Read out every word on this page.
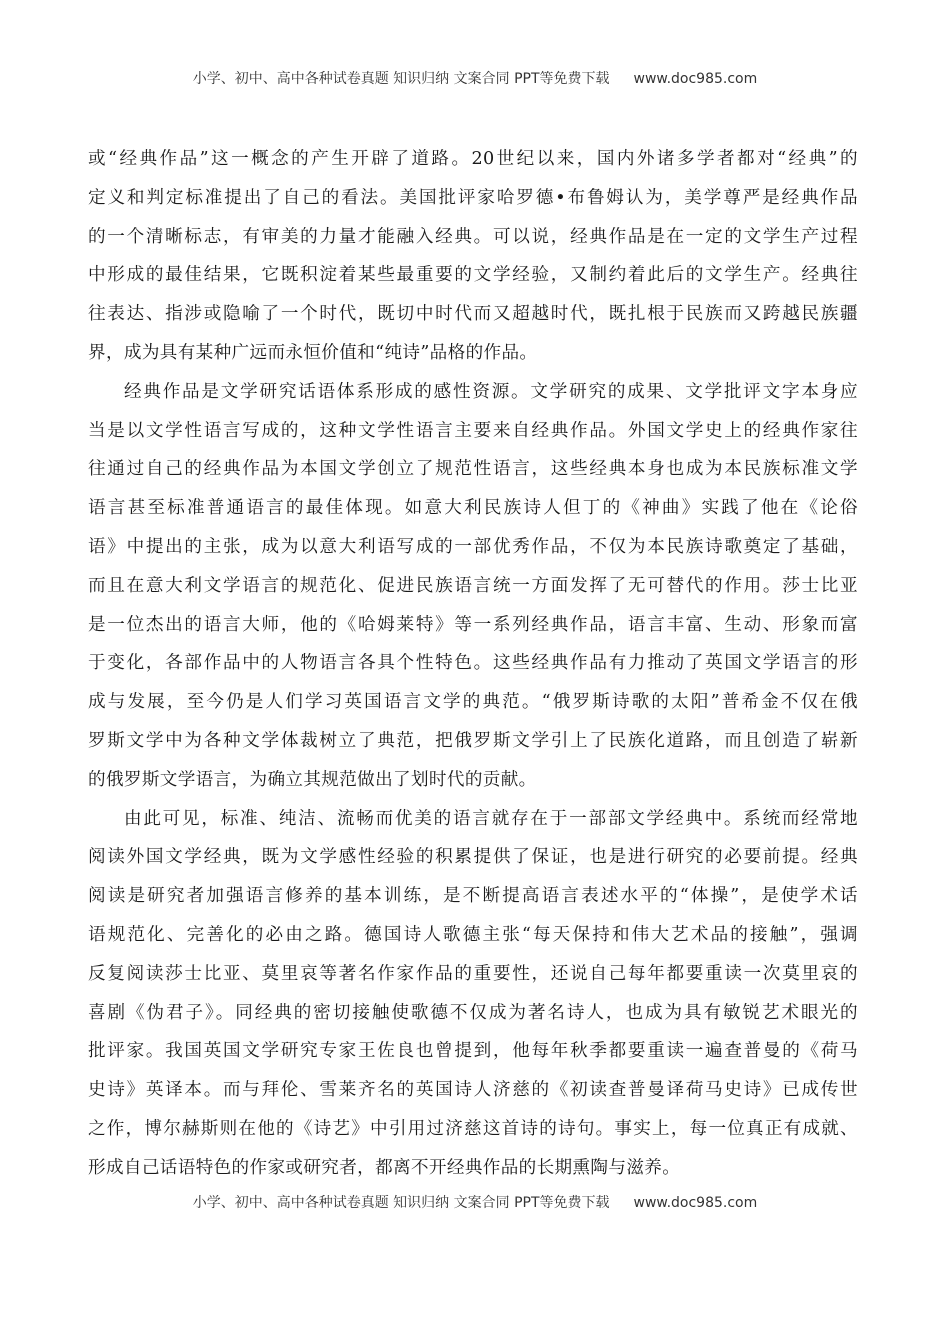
小学、初中、高中各种试卷真题 知识归纳 文案合同 PPT等免费下载 www.doc985.com
或“经典作品”这一概念的产生开辟了道路。20世纪以来，国内外诸多学者都对“经典”的
定义和判定标准提出了自己的看法。美国批评家哈罗德•布鲁姆认为，美学尊严是经典作品
的一个清晰标志，有审美的力量才能融入经典。可以说，经典作品是在一定的文学生产过程
中形成的最佳结果，它既积淀着某些最重要的文学经验，又制约着此后的文学生产。经典往
往表达、指涉或隐喻了一个时代，既切中时代而又超越时代，既扎根于民族而又跨越民族疆
界，成为具有某种广远而永恒价值和“纯诗”品格的作品。
经典作品是文学研究话语体系形成的感性资源。文学研究的成果、文学批评文字本身应
当是以文学性语言写成的，这种文学性语言主要来自经典作品。外国文学史上的经典作家往
往通过自己的经典作品为本国文学创立了规范性语言，这些经典本身也成为本民族标准文学
语言甚至标准普通语言的最佳体现。如意大利民族诗人但丁的《神曲》实践了他在《论俗
语》中提出的主张，成为以意大利语写成的一部优秀作品，不仅为本民族诗歌奠定了基础，
而且在意大利文学语言的规范化、促进民族语言统一方面发挥了无可替代的作用。莎士比亚
是一位杰出的语言大师，他的《哈姆莱特》等一系列经典作品，语言丰富、生动、形象而富
于变化，各部作品中的人物语言各具个性特色。这些经典作品有力推动了英国文学语言的形
成与发展，至今仍是人们学习英国语言文学的典范。“俄罗斯诗歌的太阳”普希金不仅在俄
罗斯文学中为各种文学体裁树立了典范，把俄罗斯文学引上了民族化道路，而且创造了崭新
的俄罗斯文学语言，为确立其规范做出了划时代的贡献。
由此可见，标准、纯洁、流畅而优美的语言就存在于一部部文学经典中。系统而经常地
阅读外国文学经典，既为文学感性经验的积累提供了保证，也是进行研究的必要前提。经典
阅读是研究者加强语言修养的基本训练，是不断提高语言表述水平的“体操”，是使学术话
语规范化、完善化的必由之路。德国诗人歌德主张“每天保持和伟大艺术品的接触”，强调
反复阅读莎士比亚、莫里哀等著名作家作品的重要性，还说自己每年都要重读一次莫里哀的
喜剧《伪君子》。同经典的密切接触使歌德不仅成为著名诗人，也成为具有敏锐艺术眼光的
批评家。我国英国文学研究专家王佐良也曾提到，他每年秋季都要重读一遍查普曼的《荷马
史诗》英译本。而与拜伦、雪莱齐名的英国诗人济慈的《初读查普曼译荷马史诗》已成传世
之作，博尔赫斯则在他的《诗艺》中引用过济慈这首诗的诗句。事实上，每一位真正有成就、
形成自己话语特色的作家或研究者，都离不开经典作品的长期熏陶与滋养。
小学、初中、高中各种试卷真题 知识归纳 文案合同 PPT等免费下载 www.doc985.com
